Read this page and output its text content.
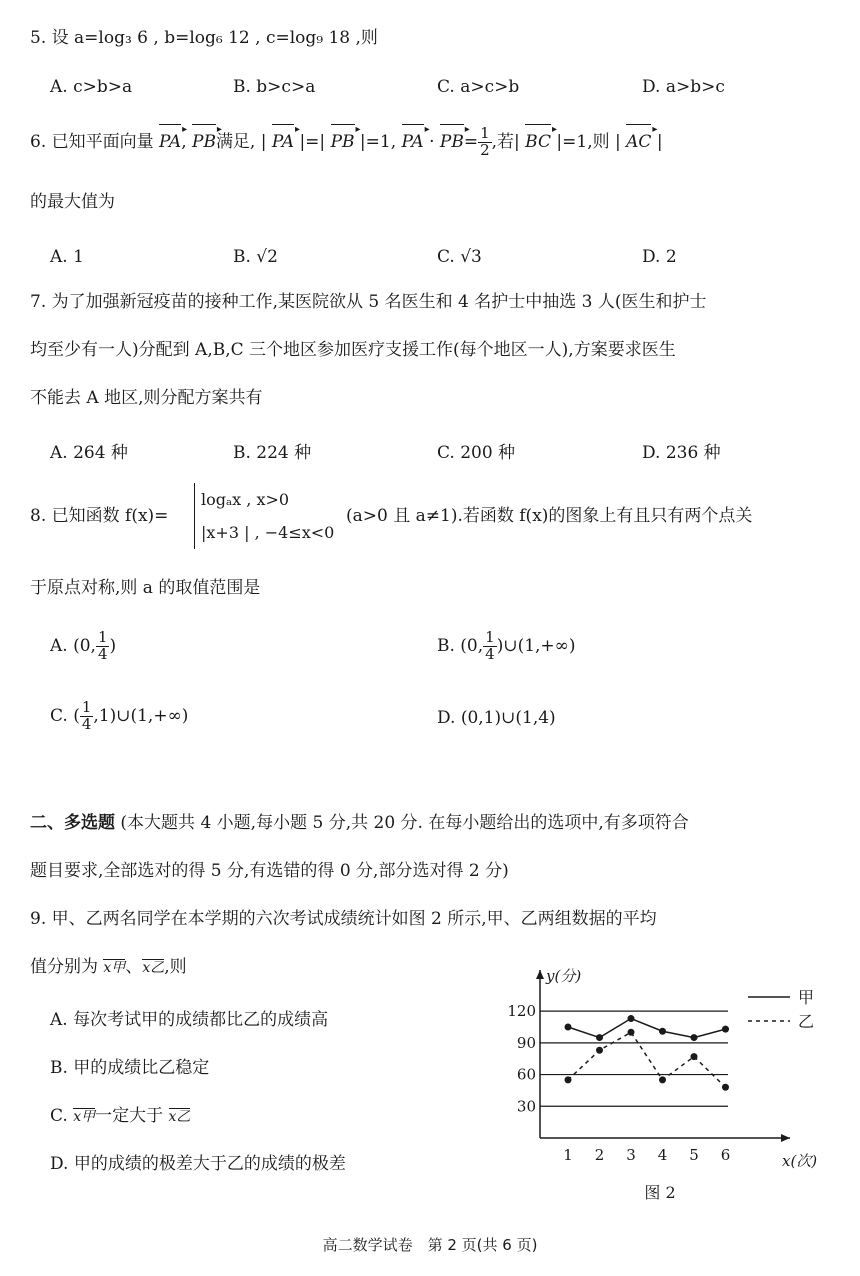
5. 设 a=log₃ 6 , b=log₆ 12 , c=log₉ 18 ,则
A. c>b>a	B. b>c>a	C. a>c>b	D. a>b>c
6. 已知平面向量 ▸ PA, ▸ PB满足, | ▸ PA |=| ▸ PB |=1, ▸ PA · ▸ $PB= \frac{1}{2}$ ,若| ▸ BC |=1,则 | ▸ AC |
的最大值为
A. 1	B. √2	C. √3	D. 2
7. 为了加强新冠疫苗的接种工作,某医院欲从 5 名医生和 4 名护士中抽选 3 人(医生和护士
均至少有一人)分配到 A,B,C 三个地区参加医疗支援工作(每个地区一人),方案要求医生
不能去 A 地区,则分配方案共有
A. 264 种	B. 224 种	C. 200 种	D. 236 种
8. 已知函数 f(x)=
logₐx , x>0
|x+3 | , −4≤x<0
(a>0 且 a≠1).若函数 f(x)的图象上有且只有两个点关
于原点对称,则 a 的取值范围是
A. (0, $\frac{1}{4}$ )	B. (0, $\frac{1}{4}$ )∪(1,+∞)
C. ( $\frac{1}{4}$ ,1)∪(1,+∞)	D. (0,1)∪(1,4)
二、多选题 (本大题共 4 小题,每小题 5 分,共 20 分. 在每小题给出的选项中,有多项符合
题目要求,全部选对的得 5 分,有选错的得 0 分,部分选对得 2 分)
9. 甲、乙两名同学在本学期的六次考试成绩统计如图 2 所示,甲、乙两组数据的平均
值分别为 x甲、x乙,则
A. 每次考试甲的成绩都比乙的成绩高
B. 甲的成绩比乙稳定
C. x甲一定大于 x乙
D. 甲的成绩的极差大于乙的成绩的极差
30
60
90
120
y(分)
x(次)
1 2 3 4 5 6
图 2
甲
乙
高二数学试卷　第 2 页(共 6 页)
